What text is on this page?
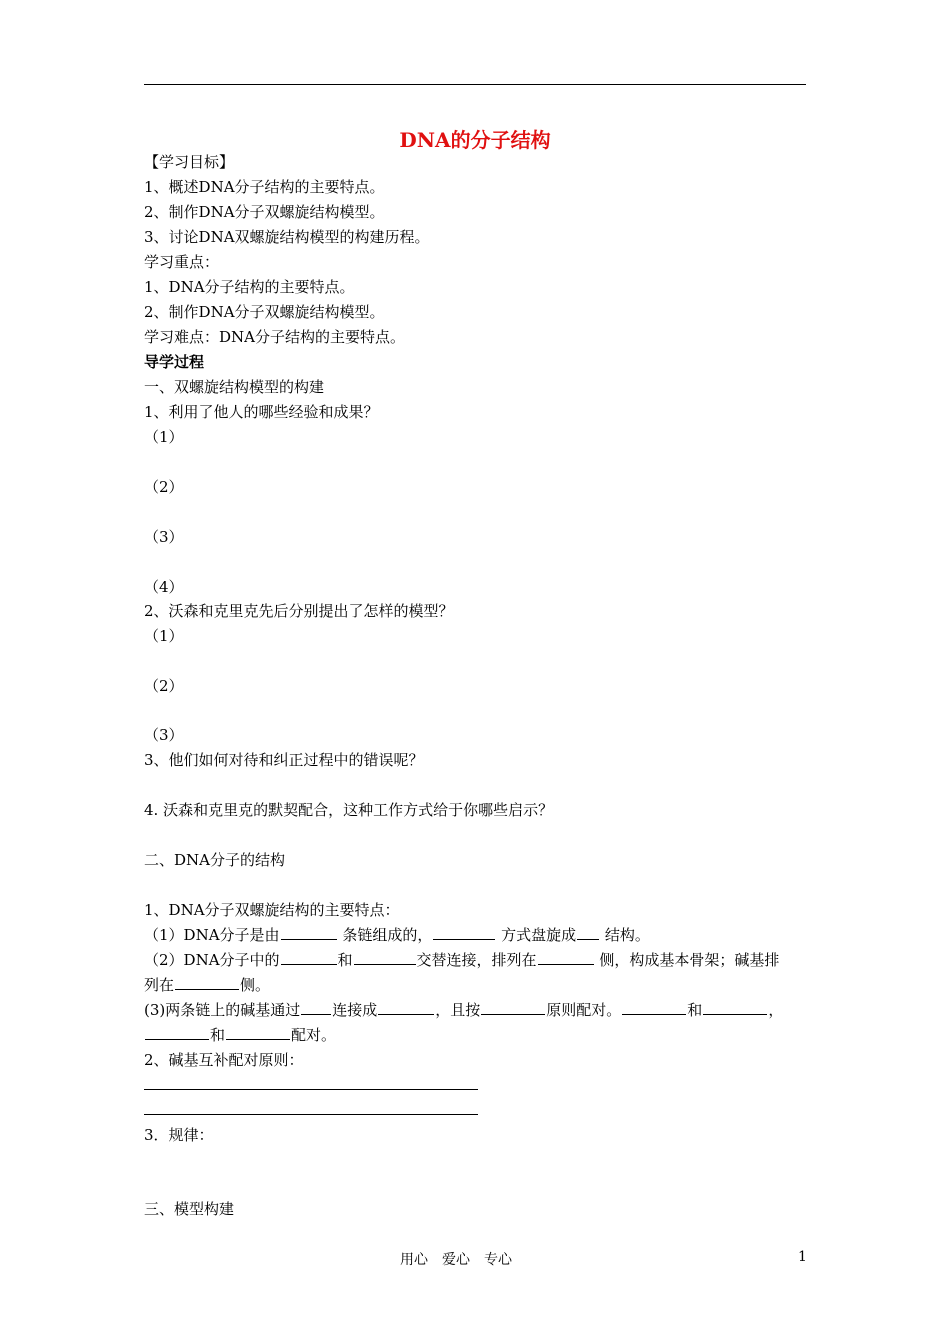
DNA的分子结构
【学习目标】
1、概述DNA分子结构的主要特点。
2、制作DNA分子双螺旋结构模型。
3、讨论DNA双螺旋结构模型的构建历程。
学习重点：
1、DNA分子结构的主要特点。
2、制作DNA分子双螺旋结构模型。
学习难点：DNA分子结构的主要特点。
导学过程
一、双螺旋结构模型的构建
1、利用了他人的哪些经验和成果？
（1）
（2）
（3）
（4）
2、沃森和克里克先后分别提出了怎样的模型？
（1）
（2）
（3）
3、他们如何对待和纠正过程中的错误呢？
4. 沃森和克里克的默契配合，这种工作方式给于你哪些启示？
二、DNA分子的结构
1、DNA分子双螺旋结构的主要特点：
（1）DNA分子是由	条链组成的，	方式盘旋成 结构。
（2）DNA分子中的	和	交替连接，排列在	侧，构成基本骨架；碱基排
列在	侧。
(3)两条链上的碱基通过 连接成	，且按	原则配对。	和	，
和	配对。
2、碱基互补配对原则：
3．规律：
三、模型构建
用心　爱心　专心	1
